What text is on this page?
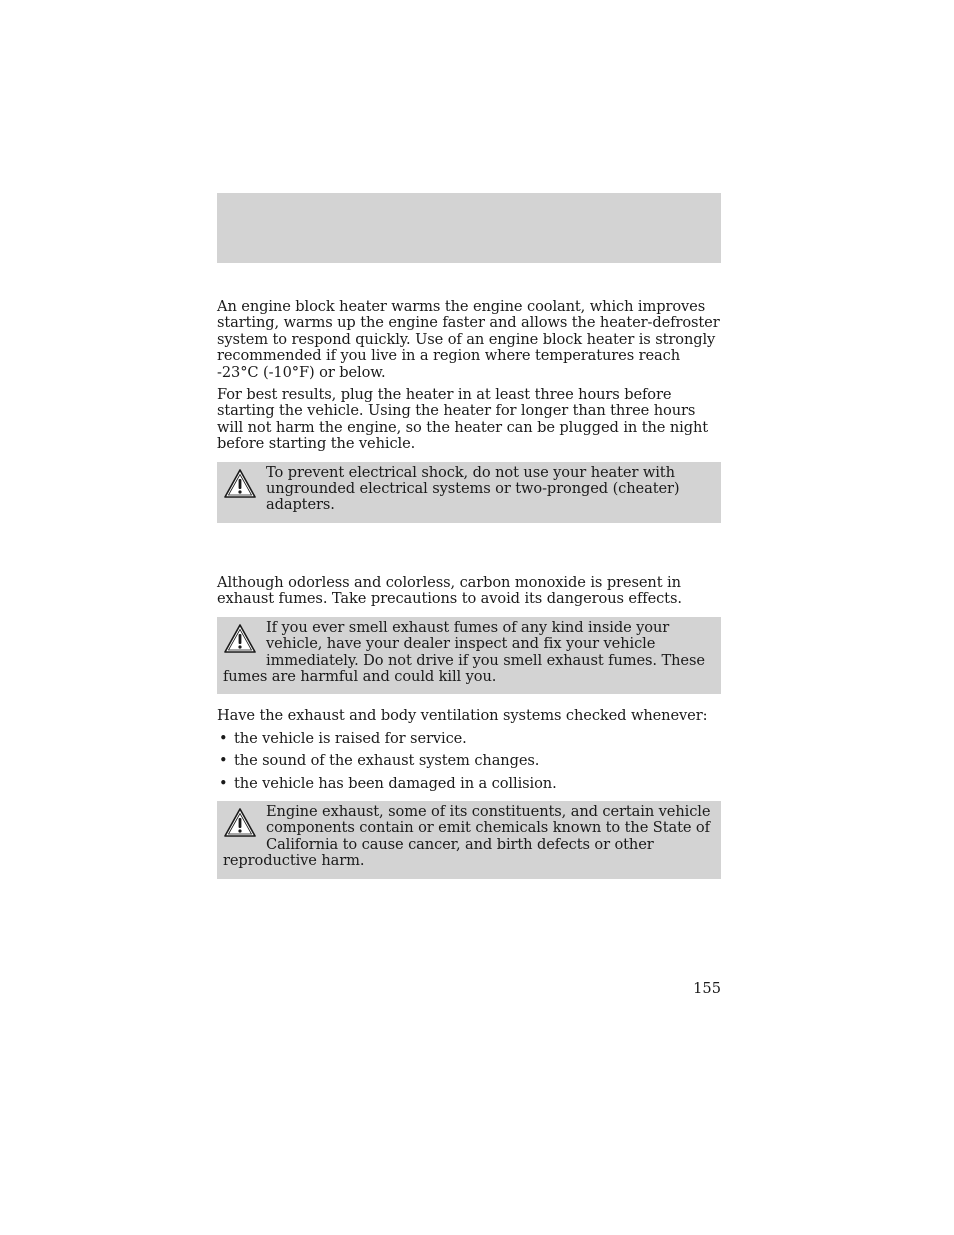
An engine block heater warms the engine coolant, which improves starting, warms up the engine faster and allows the heater-defroster system to respond quickly. Use of an engine block heater is strongly recommended if you live in a region where temperatures reach -23°C (-10°F) or below.

For best results, plug the heater in at least three hours before starting the vehicle. Using the heater for longer than three hours will not harm the engine, so the heater can be plugged in the night before starting the vehicle.

To prevent electrical shock, do not use your heater with ungrounded electrical systems or two-pronged (cheater) adapters.

Although odorless and colorless, carbon monoxide is present in exhaust fumes. Take precautions to avoid its dangerous effects.

If you ever smell exhaust fumes of any kind inside your vehicle, have your dealer inspect and fix your vehicle immediately. Do not drive if you smell exhaust fumes. These fumes are harmful and could kill you.

Have the exhaust and body ventilation systems checked whenever:

• the vehicle is raised for service.
• the sound of the exhaust system changes.
• the vehicle has been damaged in a collision.
Engine exhaust, some of its constituents, and certain vehicle components contain or emit chemicals known to the State of California to cause cancer, and birth defects or other reproductive harm.
155
